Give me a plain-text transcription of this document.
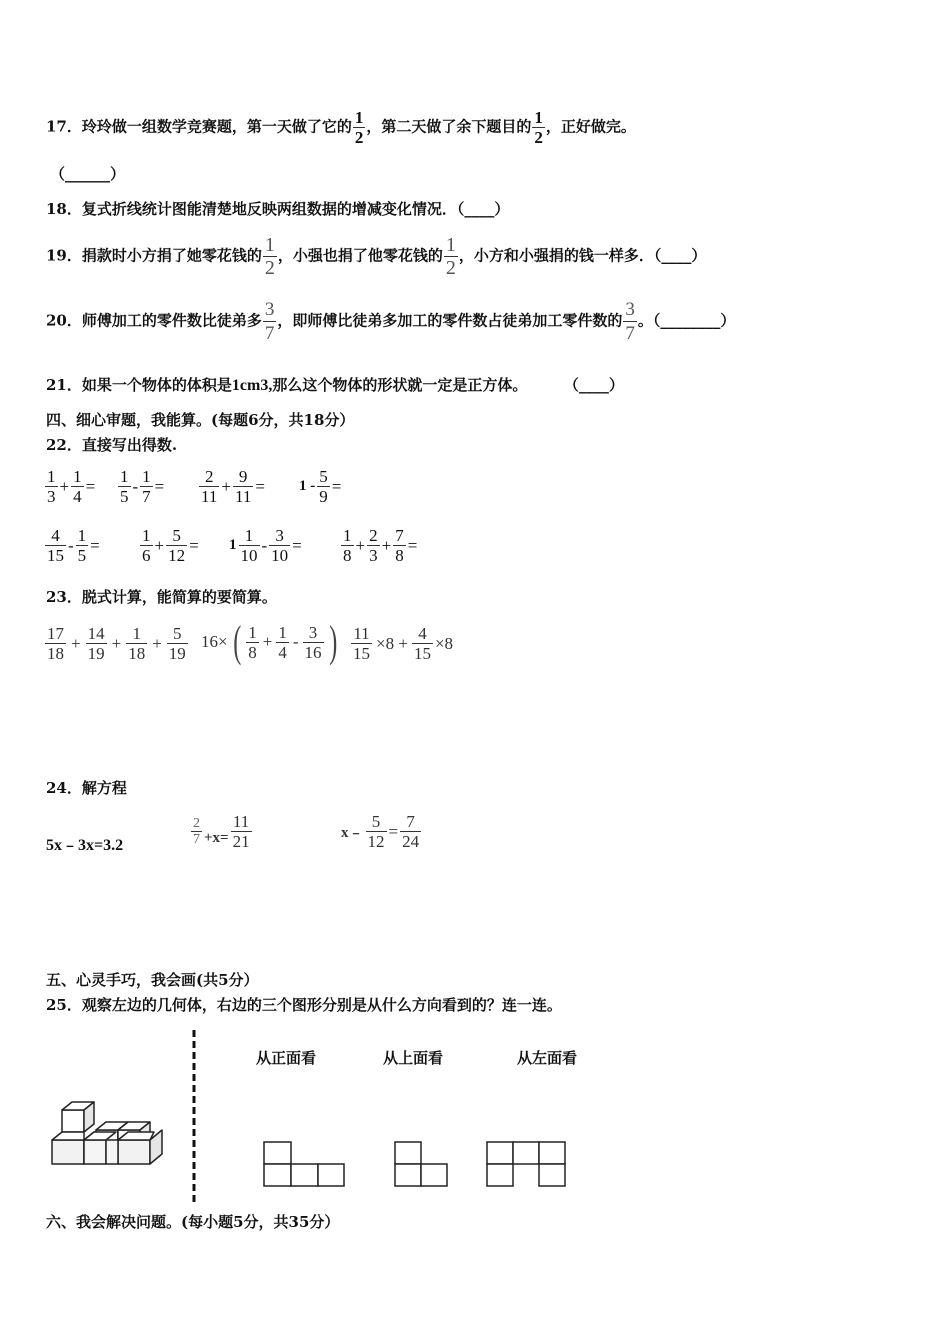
17．玲玲做一组数学竞赛题，第一天做了它的 $\frac{1}{2}$ ，第二天做了余下题目的 $\frac{1}{2}$ ，正好做完。
（______）
18．复式折线统计图能清楚地反映两组数据的增减变化情况．（____）
19．捐款时小方捐了她零花钱的 $\frac{1}{2}$ ，小强也捐了他零花钱的 $\frac{1}{2}$ ，小方和小强捐的钱一样多．（____）
20．师傅加工的零件数比徒弟多 $\frac{3}{7}$ ，即师傅比徒弟多加工的零件数占徒弟加工零件数的 $\frac{3}{7}$ 。（________）
21．如果一个物体的体积是1cm3,那么这个物体的形状就一定是正方体。	（____）
四、细心审题，我能算。(每题6分，共18分）
22．直接写出得数.
$\frac{1}{3} + \frac{1}{4} = \frac{1}{5} - \frac{1}{7} = \frac{2}{11} + \frac{9}{11} = 1 - \frac{5}{9}$ =
$\frac{4}{15} - \frac{1}{5} = \frac{1}{6} + \frac{5}{12} = 1 \frac{1}{10} - \frac{3}{10} = \frac{1}{8} + \frac{2}{3} + \frac{7}{8}$ =
23．脱式计算，能简算的要简算。
$\frac{17}{18} + \frac{14}{19} + \frac{1}{18} + \frac{5}{19} 16\times$ ( $\frac{1}{8} + \frac{1}{4} - \frac{3}{16}$ ) $\frac{11}{15} \times 8 + \frac{4}{15} \times 8$
24．解方程
5x﹣3x=3.2	$\frac{2}{7} +x= \frac{11}{21}$	x﹣ $\frac{5}{12} = \frac{7}{24}$
五、心灵手巧，我会画(共5分）
25．观察左边的几何体，右边的三个图形分别是从什么方向看到的？连一连。
从正面看	从上面看	从左面看
六、我会解决问题。(每小题5分，共35分）
